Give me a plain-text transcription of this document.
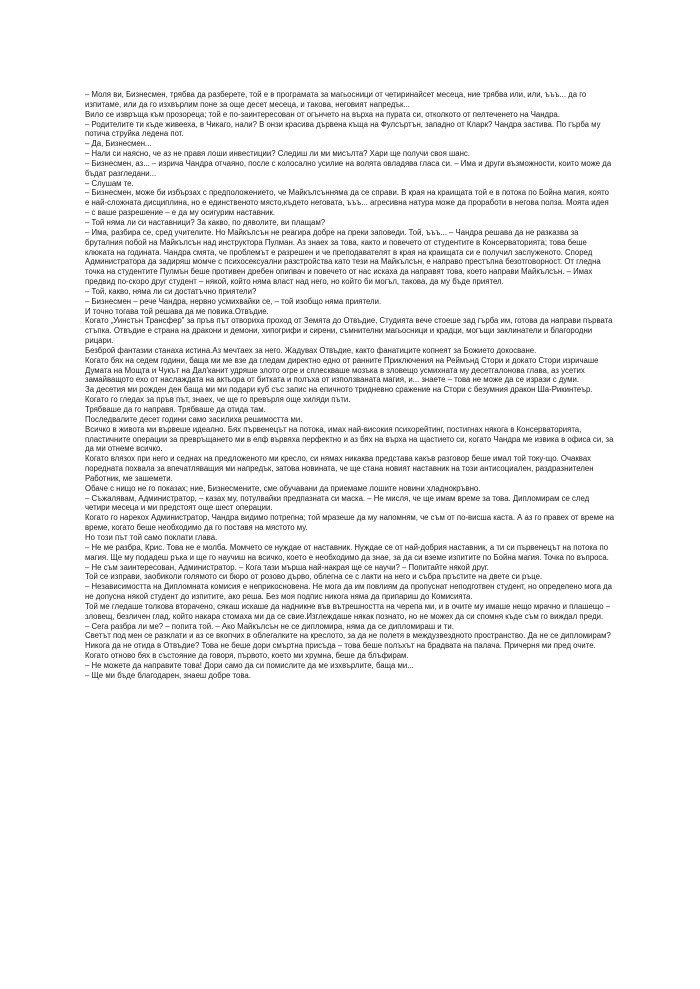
– Моля ви, Бизнесмен, трябва да разберете, той е в програмата за магьосници от четиринайсет месеца, ние трябва или, или, ъъъ... да го изпитаме, или да го изхвърлим поне за още десет месеца, и такова, неговият напредък...

Вило се извръща към прозореца; той е по-заинтересован от огънчето на върха на пурата си, отколкото от пелтеченето на Чандра.

– Родителите ти къде живееха, в Чикаго, нали? В онзи красива дървена къща на Фулсъртън, западно от Кларк? Чандра застива. По гърба му потича струйка ледена пот.

– Да, Бизнесмен...

– Нали си наясно, че аз не правя лоши инвестиции? Следиш ли ми мисълта? Хари ще получи своя шанс.

– Бизнесмен, аз... – изрича Чандра отчаяно, после с колосално усилие на волята овладява гласа си. – Има и други възможности, които може да бъдат разгледани...

– Слушам те.

– Бизнесмен, може би избързах с предположението, че Майкълсъннямa да се справи. В края на краищата той е в потока по Бойна магия, която е най-сложната дисциплина, но е единственото място,където неговата, ъъъ... агресивна натура може да проработи в негова полза. Моята идея – с ваше разрешение – е да му осигурим наставник.

– Той няма ли си наставници? За какво, по дяволите, ви плащам?

– Има, разбира се, сред учителите. Но Майкълсън не реагира добре на преки заповеди. Той, ъъъ... – Чандра решава да не разказва за бруталния побой на Майкълсън над инструктора Пулман. Аз знаех за това, както и повечето от студентите в Консерваторията; това беше клюката на годината. Чандра смята, че проблемът е разрешен и че преподавателят в края на краищата си е получил заслуженото. Според Администратора да задиряш момче с психосексуални разстройства като тези на Майкълсън, е направо престъпна безотговорност. От гледна точка на студентите Пулмън беше противен дребен опипвач и повечето от нас искаха да направят това, което направи Майкълсън. – Имах предвид по-скоро друг студент – някой, който няма власт над него, но който би могъл, такова, да му бъде приятел.

– Той, какво, няма ли си достатъчно приятели?

– Бизнесмен – рече Чандра, нервно усмихвайки се, – той изобщо няма приятели.

И точно тогава той решава да ме повика.Отвъдие.

Когато „Уинстън Трансфер" за пръв път отворихa проход от Земята до Отвъдие, Студията вече стоеше зад гърба им, готова да направи първата стъпка. Отвъдие е страна на дракони и демони, хипогрифи и сирени, съмнителни магьосници и крадци, могъщи заклинатели и благородни рицари.

Безброй фантазии станаха истина.Аз мечтаех за него. Жадувах Отвъдие, както фанатиците копнеят за Божието докосване.

Когато бях на седем години, баща ми ме взе да гледам директно едно от ранните Приключения на Реймънд Стори и докато Стори изричаше Думата на Мощта и Чукът на Дал'канит удряше злото огре и сплескваше мозъка в зловещо усмихната му десетгалонова глава, аз усетих замайващото ехо от наслаждата на актьора от битката и полъха от използваната магия, и... знаете – това не може да се изрази с думи.

За десетия ми рожден ден баща ми ми подари куб със запис на епичното тридневно сражение на Стори с безумния дракон Ша-Рикинтеър. Когато го гледах за пръв път, знаех, че ще го превърля още хиляди пъти.

Трябваше да го направя. Трябваше да отида там.

Последвалите десет години само засилиха решимостта ми.

Всичко в живота ми вървеше идеално. Бях първенецът на потока, имах най-високия психорейтинг, постигнах някога в Консерваторията, пластичните операции за превръщането ми в елф вървяха перфектно и аз бях на върха на щастието си, когато Чандра ме извика в офиса си, за да ми отнеме всичко.

Когато влязох при него и седнах на предложеното ми кресло, си нямах никаква представа какъв разговор беше имал той току-що. Очаквах поредната похвала за впечатляващия ми напредък, затова новината, че ще стана новият наставник на този антисоциален, раздразнителен Работник, ме зашемети.

Обаче с нищо не го показах; ние, Бизнесмените, сме обучавани да приемаме лошите новини хладнокръвно.

– Съжалявам, Администратор, – казах му, потулвайки предпазната си маска. – Не мисля, че ще имам време за това. Дипломирам се след четири месеца и ми предстоят още шест операции.

Когато го нарекох Администратор, Чандра видимо потрепна; той мразеше да му напомням, че съм от по-висша каста. А аз го правех от време на време, когато беше необходимо да го поставя на мястото му.

Но този път той само поклати глава.

– Не ме разбра, Крис. Това не е молба. Момчето се нуждае от наставник. Нуждае се от най-добрия наставник, а ти си първенецът на потока по магия. Ще му подадеш ръка и ще го научиш на всичко, което е необходимо да знае, за да си вземе изпитите по Бойна магия. Точка по въпроса.

– Не съм заинтересован, Администратор. – Кога тази мърша най-накрая ще се научи? – Попитайте някой друг.

Той се изправи, заобиколи голямото си бюро от розово дърво, облегна се с лакти на него и събра пръстите на двете си ръце.

– Независимостта на Дипломната комисия е неприкосновена. Не мога да им повлиям да пропуснат неподготвен студент, но определено мога да не допусна някой студент до изпитите, ако реша. Без моя подпис никога няма да припариш до Комисията.

Той ме гледаше толкова вторачено, сякаш искаше да надникне във вътрешността на черепа ми, и в очите му имаше нещо мрачно и плашещо – зловещ, безличен глад, който накара стомаха ми да се свие.Изглеждаше някак познато, но не можех да си спомня къде съм го виждал преди.

– Сега разбра ли ме? – попита той. – Ако Майкълсън не се дипломира, няма да се дипломираш и ти.

Светът под мен се разклати и аз се вкопчих в облегалките на креслото, за да не полетя в междузвездното пространство. Да не се дипломирам? Никога да не отида в Отвъдие? Това не беше дори смъртна присъда – това беше полъхът на брадвата на палача. Причерня ми пред очите. Когато отново бях в състояние да говоря, първото, което ми хрумна, беше да блъфирам.

– Не можете да направите това! Дори само да си помислите да ме изхвърлите, баща ми...

– Ще ми бъде благодарен, знаеш добре това.
